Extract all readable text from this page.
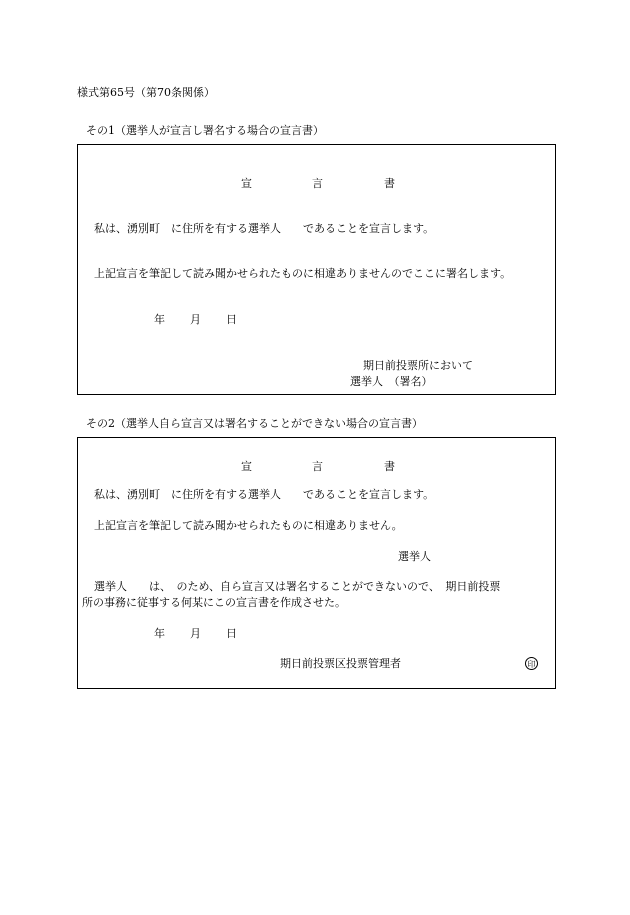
様式第65号（第70条関係）
その1（選挙人が宣言し署名する場合の宣言書）
宣	言	書
私は、湧別町　に住所を有する選挙人　　であることを宣言します。
上記宣言を筆記して読み聞かせられたものに相違ありませんのでここに署名します。
年 月 日
期日前投票所において
選挙人　（署名）
その2（選挙人自ら宣言又は署名することができない場合の宣言書）
宣	言	書
私は、湧別町　に住所を有する選挙人　　であることを宣言します。
上記宣言を筆記して読み聞かせられたものに相違ありません。
選挙人
選挙人　　は、　のため、自ら宣言又は署名することができないので、　期日前投票
所の事務に従事する何某にこの宣言書を作成させた。
年 月 日
期日前投票区投票管理者	印
